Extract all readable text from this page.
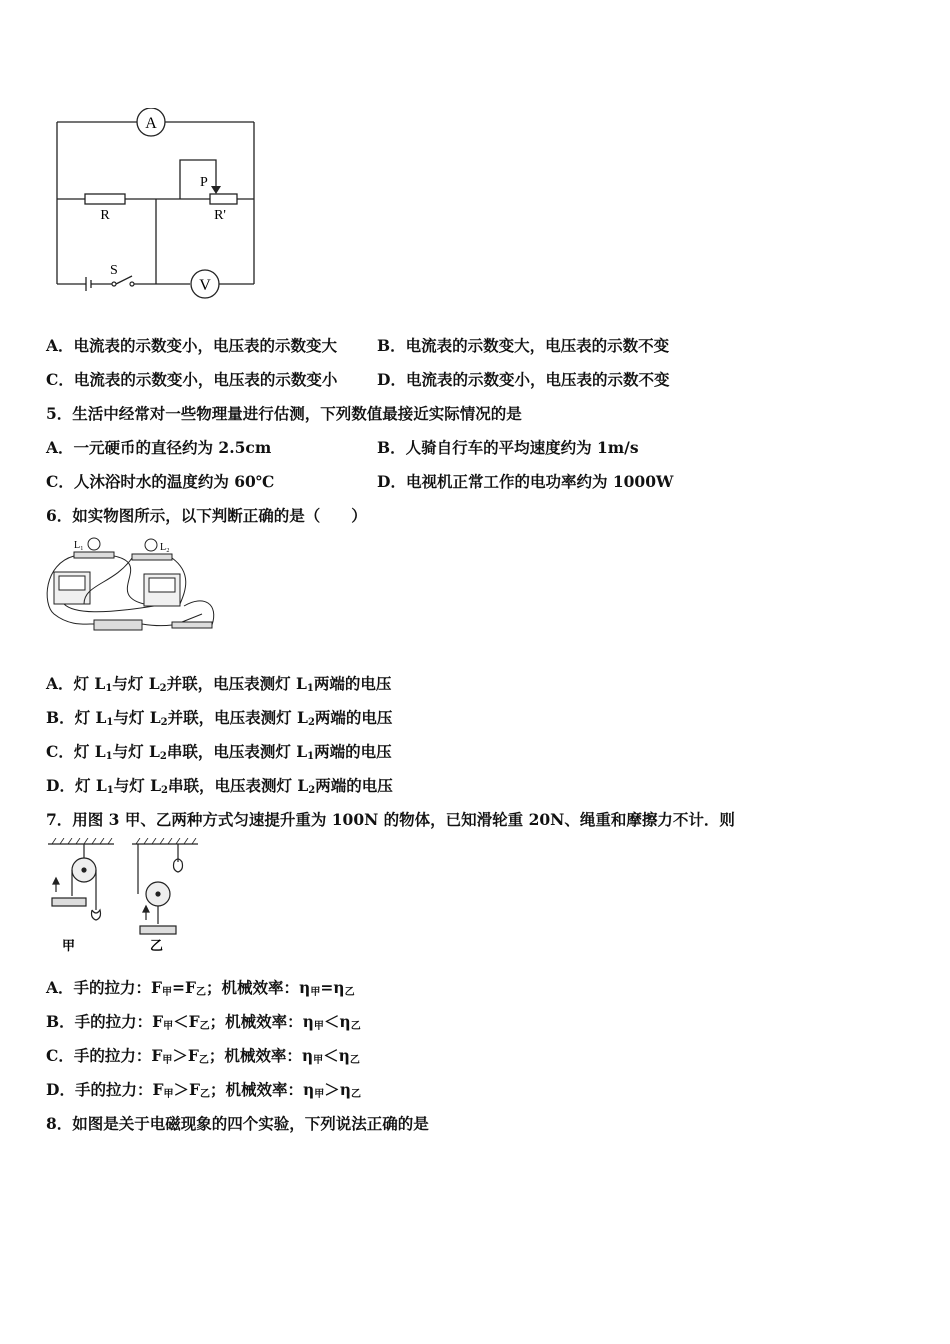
A
V
R	R'
P
S
A．电流表的示数变小，电压表的示数变大	B．电流表的示数变大，电压表的示数不变
C．电流表的示数变小，电压表的示数变小	D．电流表的示数变小，电压表的示数不变
5．生活中经常对一些物理量进行估测，下列数值最接近实际情况的是
A．一元硬币的直径约为 2.5cm	B．人骑自行车的平均速度约为 1m/s
C．人沐浴时水的温度约为 60℃	D．电视机正常工作的电功率约为 1000W
6．如实物图所示，以下判断正确的是（　　）
L₁	L₂
A．灯 L1与灯 L2并联，电压表测灯 L1两端的电压
B．灯 L1与灯 L2并联，电压表测灯 L2两端的电压
C．灯 L1与灯 L2串联，电压表测灯 L1两端的电压
D．灯 L1与灯 L2串联，电压表测灯 L2两端的电压
7．用图 3 甲、乙两种方式匀速提升重为 100N 的物体，已知滑轮重 20N、绳重和摩擦力不计．则
甲	乙
A．手的拉力：F甲=F乙；机械效率：η甲=η乙
B．手的拉力：F甲＜F乙；机械效率：η甲＜η乙
C．手的拉力：F甲＞F乙；机械效率：η甲＜η乙
D．手的拉力：F甲＞F乙；机械效率：η甲＞η乙
8．如图是关于电磁现象的四个实验，下列说法正确的是
